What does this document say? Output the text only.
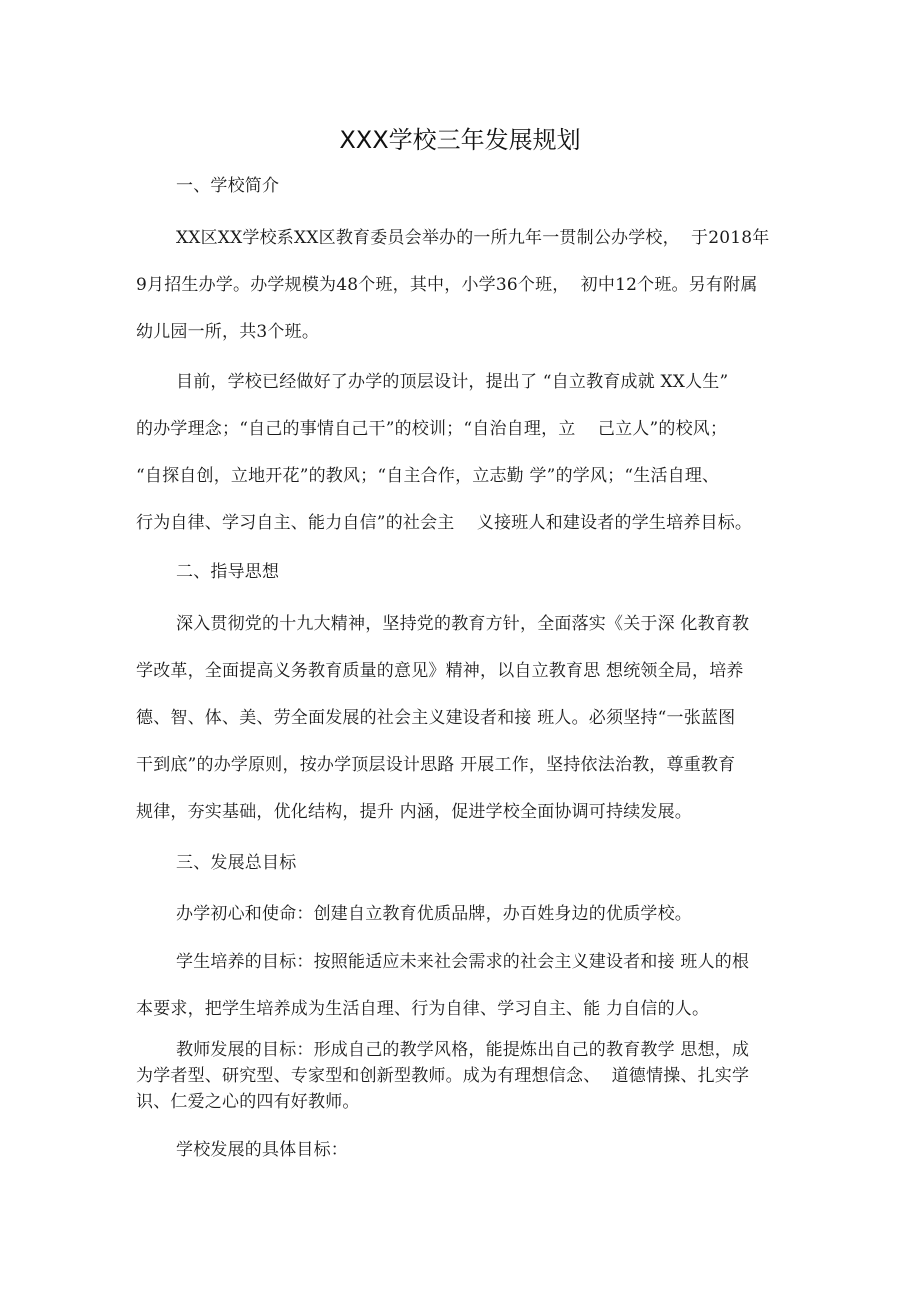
XXX学校三年发展规划
一、学校简介
XX区XX学校系XX区教育委员会举办的一所九年一贯制公办学校，  于2018年
9月招生办学。办学规模为48个班，其中，小学36个班，  初中12个班。另有附属
幼儿园一所，共3个班。
目前，学校已经做好了办学的顶层设计，提出了 “自立教育成就 XX人生”
的办学理念；“自己的事情自己干”的校训；“自治自理，立    己立人”的校风；
“自探自创，立地开花”的教风；“自主合作，立志勤 学”的学风；“生活自理、
行为自律、学习自主、能力自信”的社会主    义接班人和建设者的学生培养目标。
二、指导思想
深入贯彻党的十九大精神，坚持党的教育方针，全面落实《关于深 化教育教
学改革，全面提高义务教育质量的意见》精神，以自立教育思 想统领全局，培养
德、智、体、美、劳全面发展的社会主义建设者和接 班人。必须坚持“一张蓝图
干到底”的办学原则，按办学顶层设计思路 开展工作，坚持依法治教，尊重教育
规律，夯实基础，优化结构，提升 内涵，促进学校全面协调可持续发展。
三、发展总目标
办学初心和使命：创建自立教育优质品牌，办百姓身边的优质学校。
学生培养的目标：按照能适应未来社会需求的社会主义建设者和接 班人的根
本要求，把学生培养成为生活自理、行为自律、学习自主、能 力自信的人。
教师发展的目标：形成自己的教学风格，能提炼出自己的教育教学 思想，成
为学者型、研究型、专家型和创新型教师。成为有理想信念、  道德情操、扎实学
识、仁爱之心的四有好教师。
学校发展的具体目标：
